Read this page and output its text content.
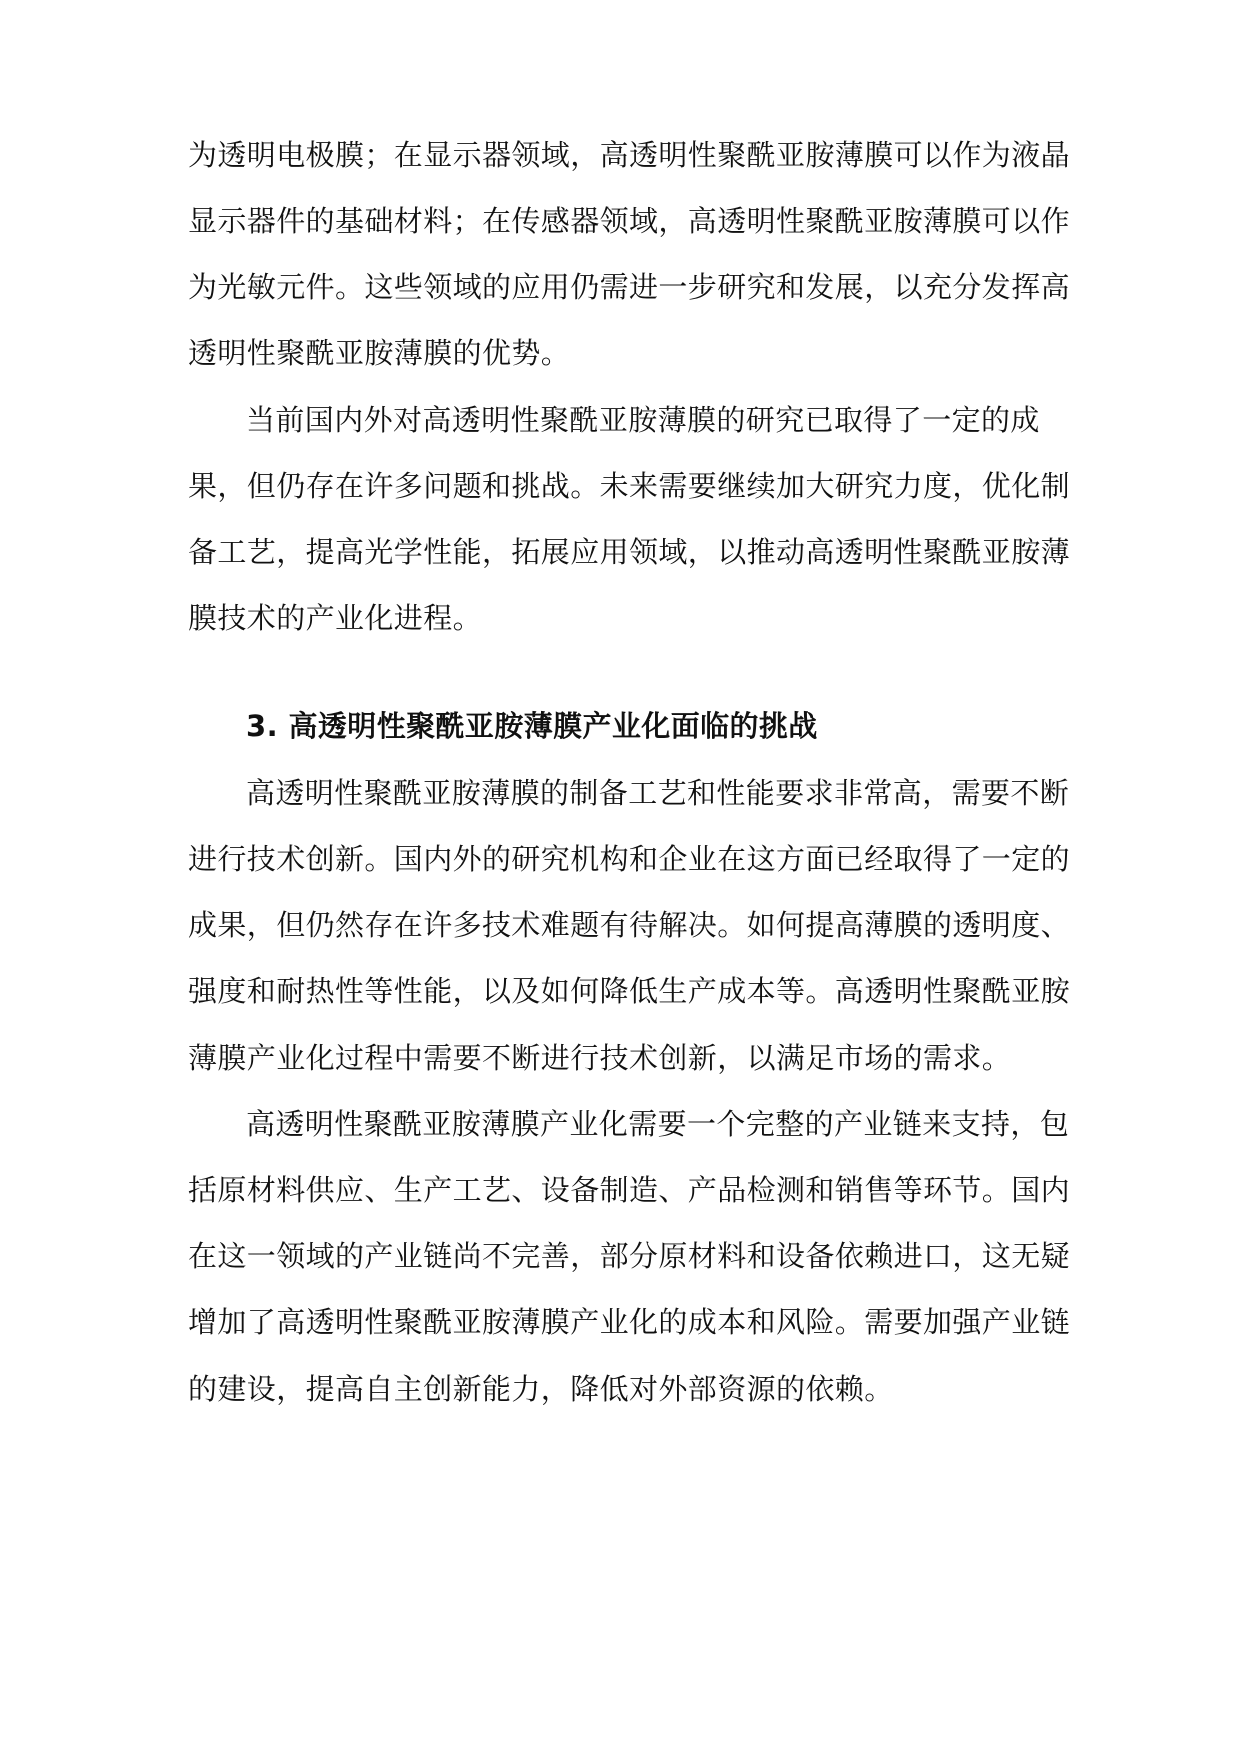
为透明电极膜；在显示器领域，高透明性聚酰亚胺薄膜可以作为液晶
显示器件的基础材料；在传感器领域，高透明性聚酰亚胺薄膜可以作
为光敏元件。这些领域的应用仍需进一步研究和发展，以充分发挥高
透明性聚酰亚胺薄膜的优势。
当前国内外对高透明性聚酰亚胺薄膜的研究已取得了一定的成
果，但仍存在许多问题和挑战。未来需要继续加大研究力度，优化制
备工艺，提高光学性能，拓展应用领域，以推动高透明性聚酰亚胺薄
膜技术的产业化进程。
3. 高透明性聚酰亚胺薄膜产业化面临的挑战
高透明性聚酰亚胺薄膜的制备工艺和性能要求非常高，需要不断
进行技术创新。国内外的研究机构和企业在这方面已经取得了一定的
成果，但仍然存在许多技术难题有待解决。如何提高薄膜的透明度、
强度和耐热性等性能，以及如何降低生产成本等。高透明性聚酰亚胺
薄膜产业化过程中需要不断进行技术创新，以满足市场的需求。
高透明性聚酰亚胺薄膜产业化需要一个完整的产业链来支持，包
括原材料供应、生产工艺、设备制造、产品检测和销售等环节。国内
在这一领域的产业链尚不完善，部分原材料和设备依赖进口，这无疑
增加了高透明性聚酰亚胺薄膜产业化的成本和风险。需要加强产业链
的建设，提高自主创新能力，降低对外部资源的依赖。
